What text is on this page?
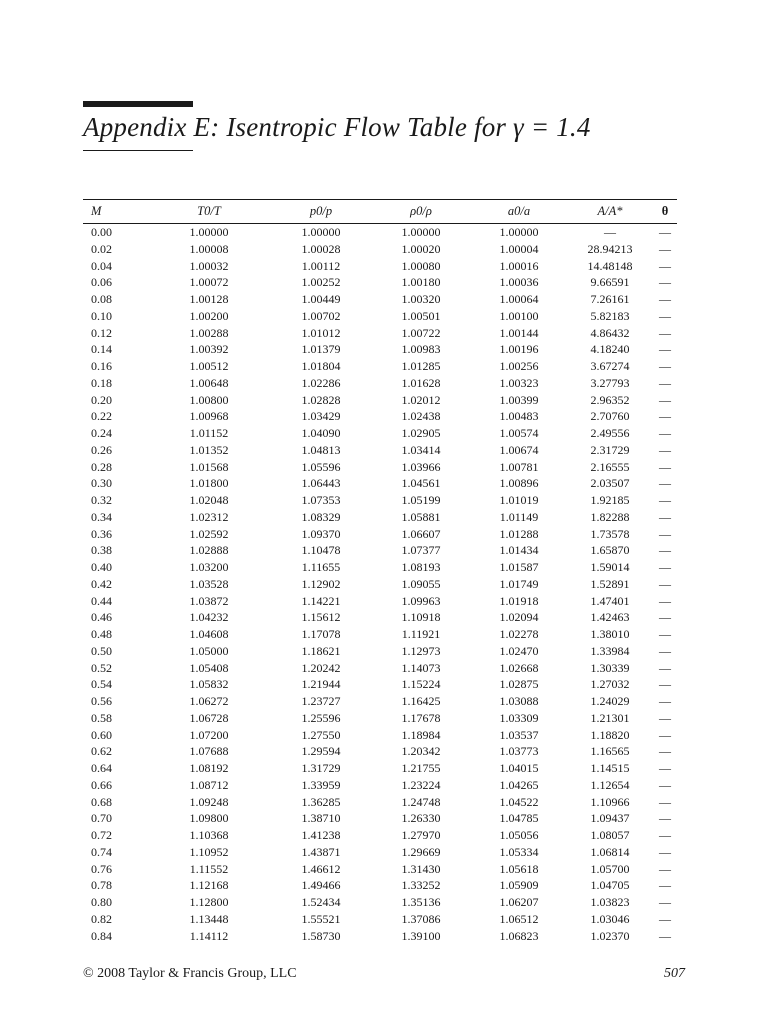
Appendix E: Isentropic Flow Table for γ = 1.4
M	T0/T	p0/p	ρ0/ρ	a0/a	A/A*	θ
0.00	1.00000	1.00000	1.00000	1.00000	—	—
0.02	1.00008	1.00028	1.00020	1.00004	28.94213	—
0.04	1.00032	1.00112	1.00080	1.00016	14.48148	—
0.06	1.00072	1.00252	1.00180	1.00036	9.66591	—
0.08	1.00128	1.00449	1.00320	1.00064	7.26161	—
0.10	1.00200	1.00702	1.00501	1.00100	5.82183	—
0.12	1.00288	1.01012	1.00722	1.00144	4.86432	—
0.14	1.00392	1.01379	1.00983	1.00196	4.18240	—
0.16	1.00512	1.01804	1.01285	1.00256	3.67274	—
0.18	1.00648	1.02286	1.01628	1.00323	3.27793	—
0.20	1.00800	1.02828	1.02012	1.00399	2.96352	—
0.22	1.00968	1.03429	1.02438	1.00483	2.70760	—
0.24	1.01152	1.04090	1.02905	1.00574	2.49556	—
0.26	1.01352	1.04813	1.03414	1.00674	2.31729	—
0.28	1.01568	1.05596	1.03966	1.00781	2.16555	—
0.30	1.01800	1.06443	1.04561	1.00896	2.03507	—
0.32	1.02048	1.07353	1.05199	1.01019	1.92185	—
0.34	1.02312	1.08329	1.05881	1.01149	1.82288	—
0.36	1.02592	1.09370	1.06607	1.01288	1.73578	—
0.38	1.02888	1.10478	1.07377	1.01434	1.65870	—
0.40	1.03200	1.11655	1.08193	1.01587	1.59014	—
0.42	1.03528	1.12902	1.09055	1.01749	1.52891	—
0.44	1.03872	1.14221	1.09963	1.01918	1.47401	—
0.46	1.04232	1.15612	1.10918	1.02094	1.42463	—
0.48	1.04608	1.17078	1.11921	1.02278	1.38010	—
0.50	1.05000	1.18621	1.12973	1.02470	1.33984	—
0.52	1.05408	1.20242	1.14073	1.02668	1.30339	—
0.54	1.05832	1.21944	1.15224	1.02875	1.27032	—
0.56	1.06272	1.23727	1.16425	1.03088	1.24029	—
0.58	1.06728	1.25596	1.17678	1.03309	1.21301	—
0.60	1.07200	1.27550	1.18984	1.03537	1.18820	—
0.62	1.07688	1.29594	1.20342	1.03773	1.16565	—
0.64	1.08192	1.31729	1.21755	1.04015	1.14515	—
0.66	1.08712	1.33959	1.23224	1.04265	1.12654	—
0.68	1.09248	1.36285	1.24748	1.04522	1.10966	—
0.70	1.09800	1.38710	1.26330	1.04785	1.09437	—
0.72	1.10368	1.41238	1.27970	1.05056	1.08057	—
0.74	1.10952	1.43871	1.29669	1.05334	1.06814	—
0.76	1.11552	1.46612	1.31430	1.05618	1.05700	—
0.78	1.12168	1.49466	1.33252	1.05909	1.04705	—
0.80	1.12800	1.52434	1.35136	1.06207	1.03823	—
0.82	1.13448	1.55521	1.37086	1.06512	1.03046	—
0.84	1.14112	1.58730	1.39100	1.06823	1.02370	—
© 2008 Taylor & Francis Group, LLC	507
